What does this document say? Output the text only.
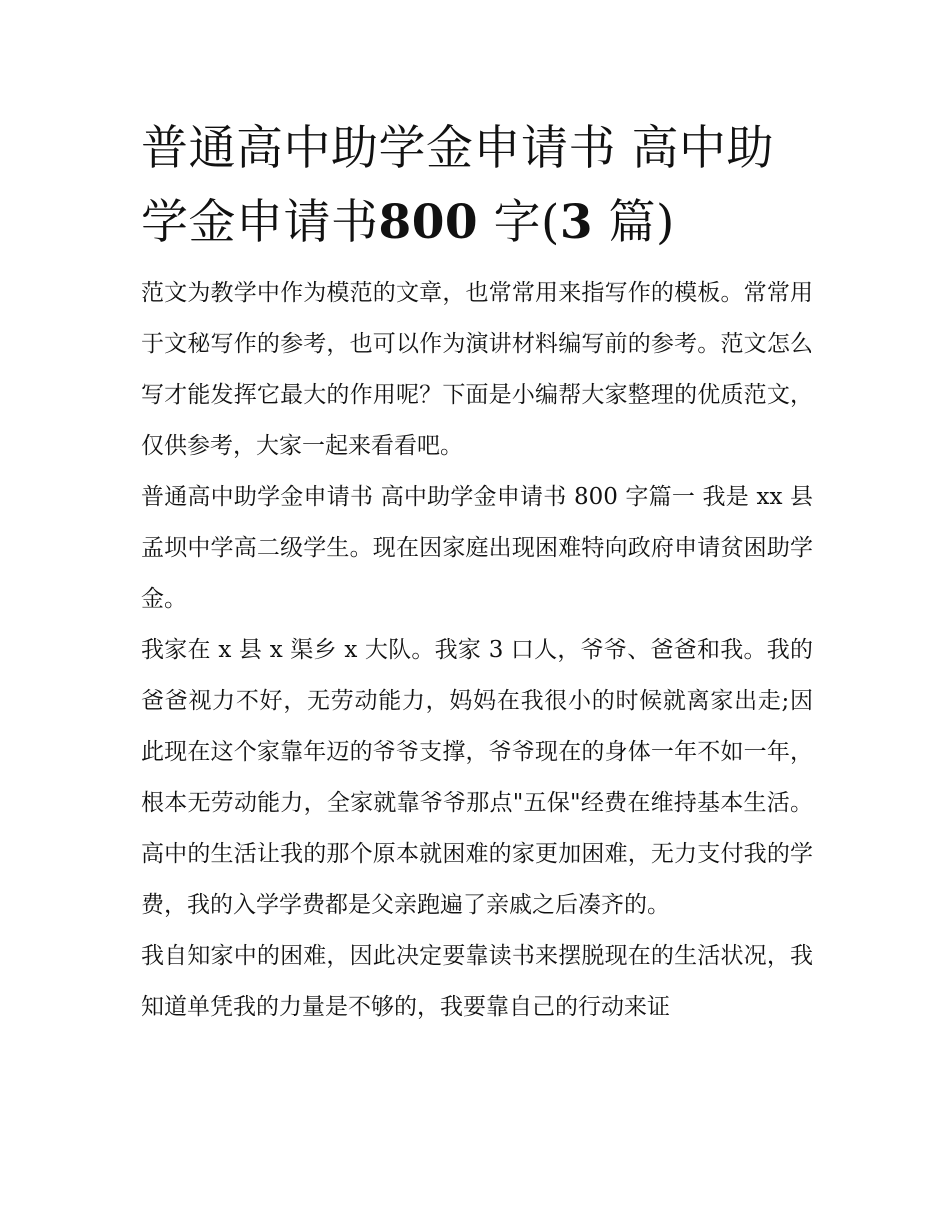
普通高中助学金申请书 高中助学金申请书800 字(3 篇)

范文为教学中作为模范的文章，也常常用来指写作的模板。常常用于文秘写作的参考，也可以作为演讲材料编写前的参考。范文怎么写才能发挥它最大的作用呢？下面是小编帮大家整理的优质范文，仅供参考，大家一起来看看吧。

普通高中助学金申请书 高中助学金申请书 800 字篇一 我是 xx 县孟坝中学高二级学生。现在因家庭出现困难特向政府申请贫困助学金。

我家在 x 县 x 渠乡 x 大队。我家 3 口人，爷爷、爸爸和我。我的爸爸视力不好，无劳动能力，妈妈在我很小的时候就离家出走;因此现在这个家靠年迈的爷爷支撑，爷爷现在的身体一年不如一年，根本无劳动能力，全家就靠爷爷那点"五保"经费在维持基本生活。高中的生活让我的那个原本就困难的家更加困难，无力支付我的学费，我的入学学费都是父亲跑遍了亲戚之后凑齐的。

我自知家中的困难，因此决定要靠读书来摆脱现在的生活状况，我知道单凭我的力量是不够的，我要靠自己的行动来证
